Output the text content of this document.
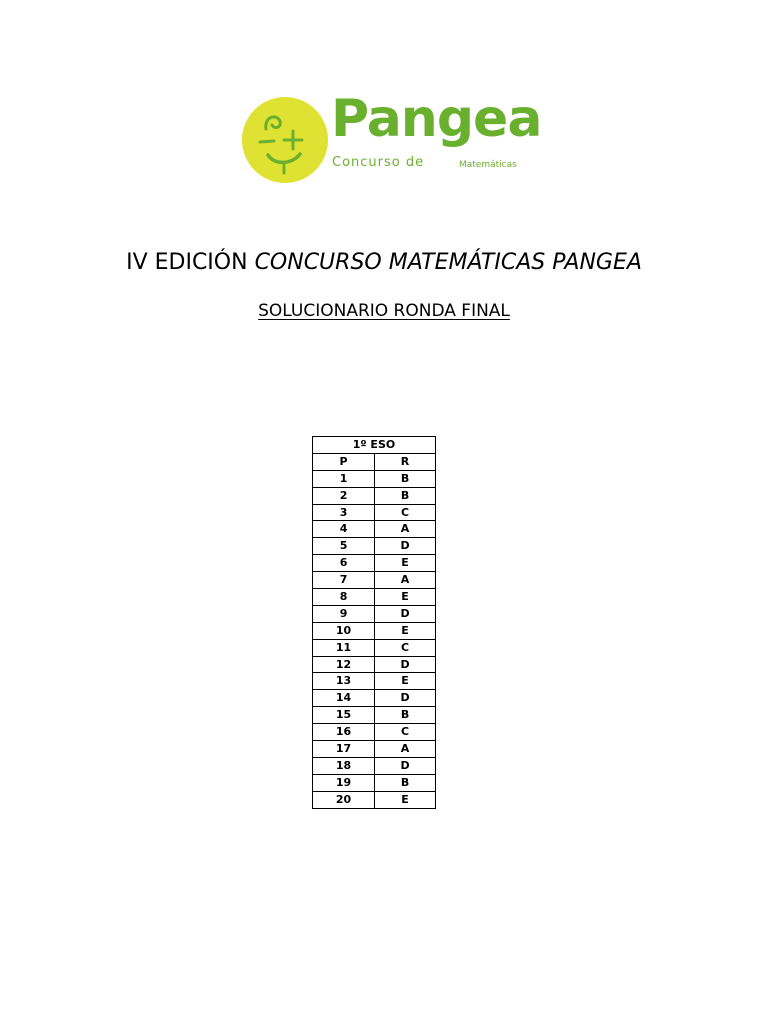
Pangea
Concurso de	Matemáticas
IV EDICIÓN CONCURSO MATEMÁTICAS PANGEA
SOLUCIONARIO RONDA FINAL
1º ESO	
P	R
1	B
2	B
3	C
4	A
5	D
6	E
7	A
8	E
9	D
10	E
11	C
12	D
13	E
14	D
15	B
16	C
17	A
18	D
19	B
20	E
